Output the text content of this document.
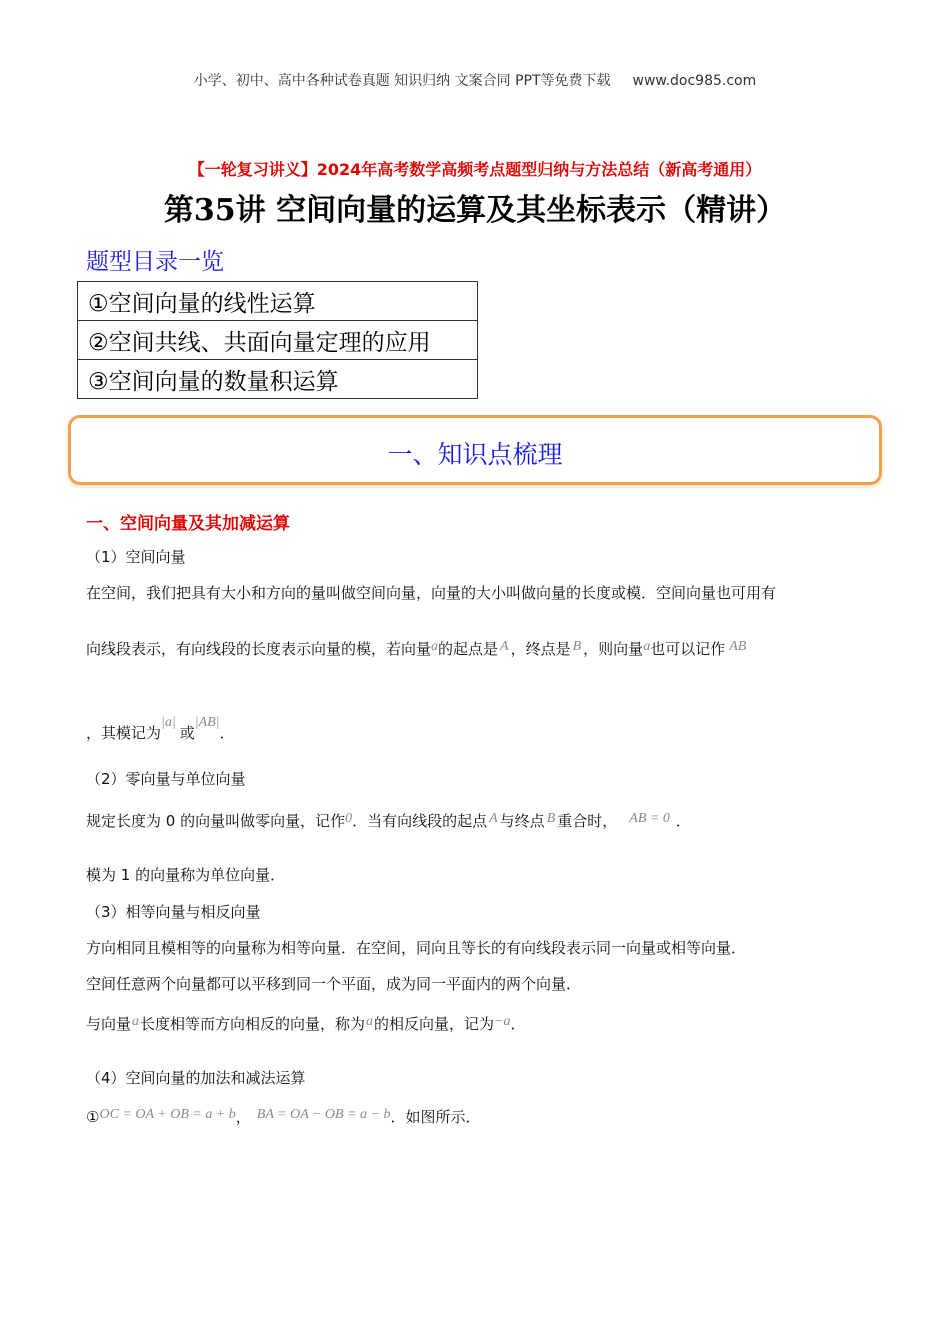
小学、初中、高中各种试卷真题 知识归纳 文案合同 PPT等免费下载 www.doc985.com
【一轮复习讲义】2024年高考数学高频考点题型归纳与方法总结（新高考通用）
第35讲 空间向量的运算及其坐标表示（精讲）
题型目录一览
①空间向量的线性运算
②空间共线、共面向量定理的应用
③空间向量的数量积运算
一、知识点梳理
一、空间向量及其加减运算
（1）空间向量
在空间，我们把具有大小和方向的量叫做空间向量，向量的大小叫做向量的长度或模．空间向量也可用有
向线段表示，有向线段的长度表示向量的模，若向量a的起点是 A ，终点是 B ，则向量a也可以记作 AB
，其模记为|a|或|AB|．
（2）零向量与单位向量
规定长度为 0 的向量叫做零向量，记作0．当有向线段的起点 A 与终点 B 重合时， AB = 0 ．
模为 1 的向量称为单位向量．
（3）相等向量与相反向量
方向相同且模相等的向量称为相等向量．在空间，同向且等长的有向线段表示同一向量或相等向量．
空间任意两个向量都可以平移到同一个平面，成为同一平面内的两个向量．
与向量a长度相等而方向相反的向量，称为a的相反向量，记为−a．
（4）空间向量的加法和减法运算
①OC = OA + OB = a + b， BA = OA − OB = a − b．如图所示．
